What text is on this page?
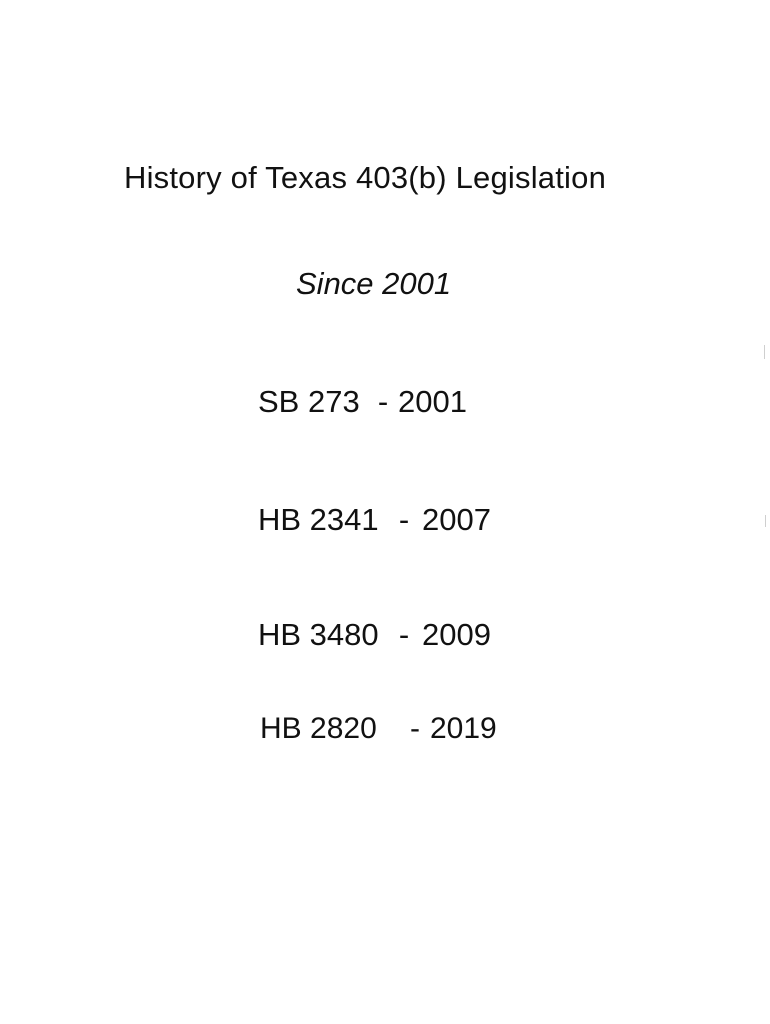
History of Texas 403(b) Legislation
Since 2001
SB 273 - 2001
HB 2341 - 2007
HB 3480 - 2009
HB 2820	- 2019
